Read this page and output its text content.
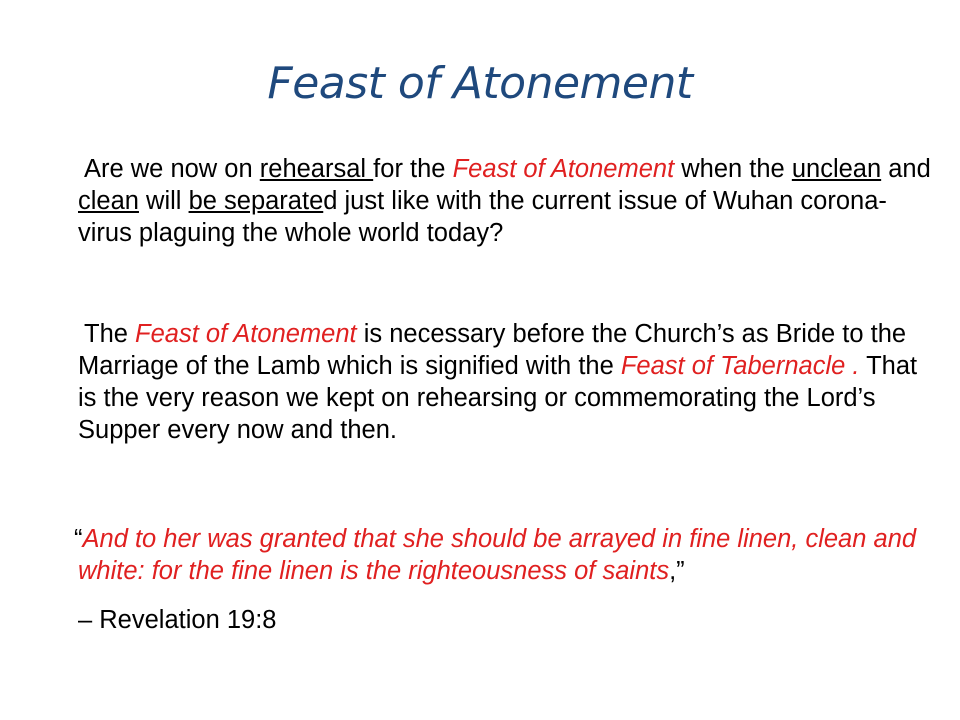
Feast of Atonement
Are we now on rehearsal for the Feast of Atonement when the unclean and clean will be separated just like with the current issue of Wuhan corona-virus plaguing the whole world today?
The Feast of Atonement is necessary before the Church’s as Bride to the Marriage of the Lamb which is signified with the Feast of Tabernacle . That is the very reason we kept on rehearsing or commemorating the Lord’s Supper every now and then.
“And to her was granted that she should be arrayed in fine linen, clean and white: for the fine linen is the righteousness of saints,”
– Revelation 19:8
